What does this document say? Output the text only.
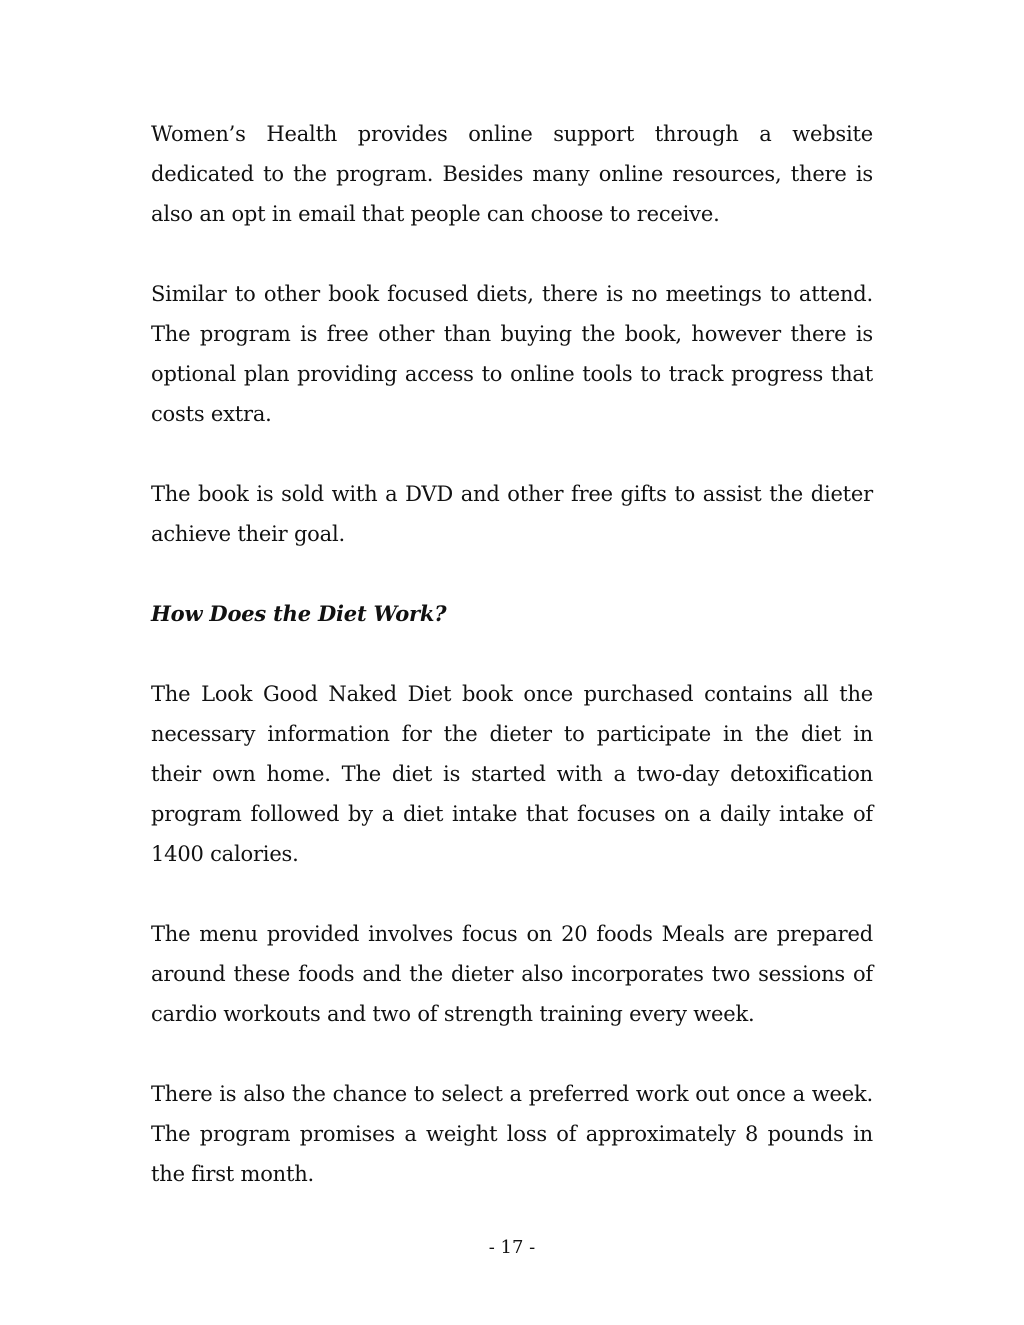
Women’s Health provides online support through a website dedicated to the program. Besides many online resources, there is also an opt in email that people can choose to receive.

Similar to other book focused diets, there is no meetings to attend. The program is free other than buying the book, however there is optional plan providing access to online tools to track progress that costs extra.

The book is sold with a DVD and other free gifts to assist the dieter achieve their goal.

How Does the Diet Work?

The Look Good Naked Diet book once purchased contains all the necessary information for the dieter to participate in the diet in their own home. The diet is started with a two-day detoxification program followed by a diet intake that focuses on a daily intake of 1400 calories.

The menu provided involves focus on 20 foods Meals are prepared around these foods and the dieter also incorporates two sessions of cardio workouts and two of strength training every week.

There is also the chance to select a preferred work out once a week. The program promises a weight loss of approximately 8 pounds in the first month.

- 17 -
